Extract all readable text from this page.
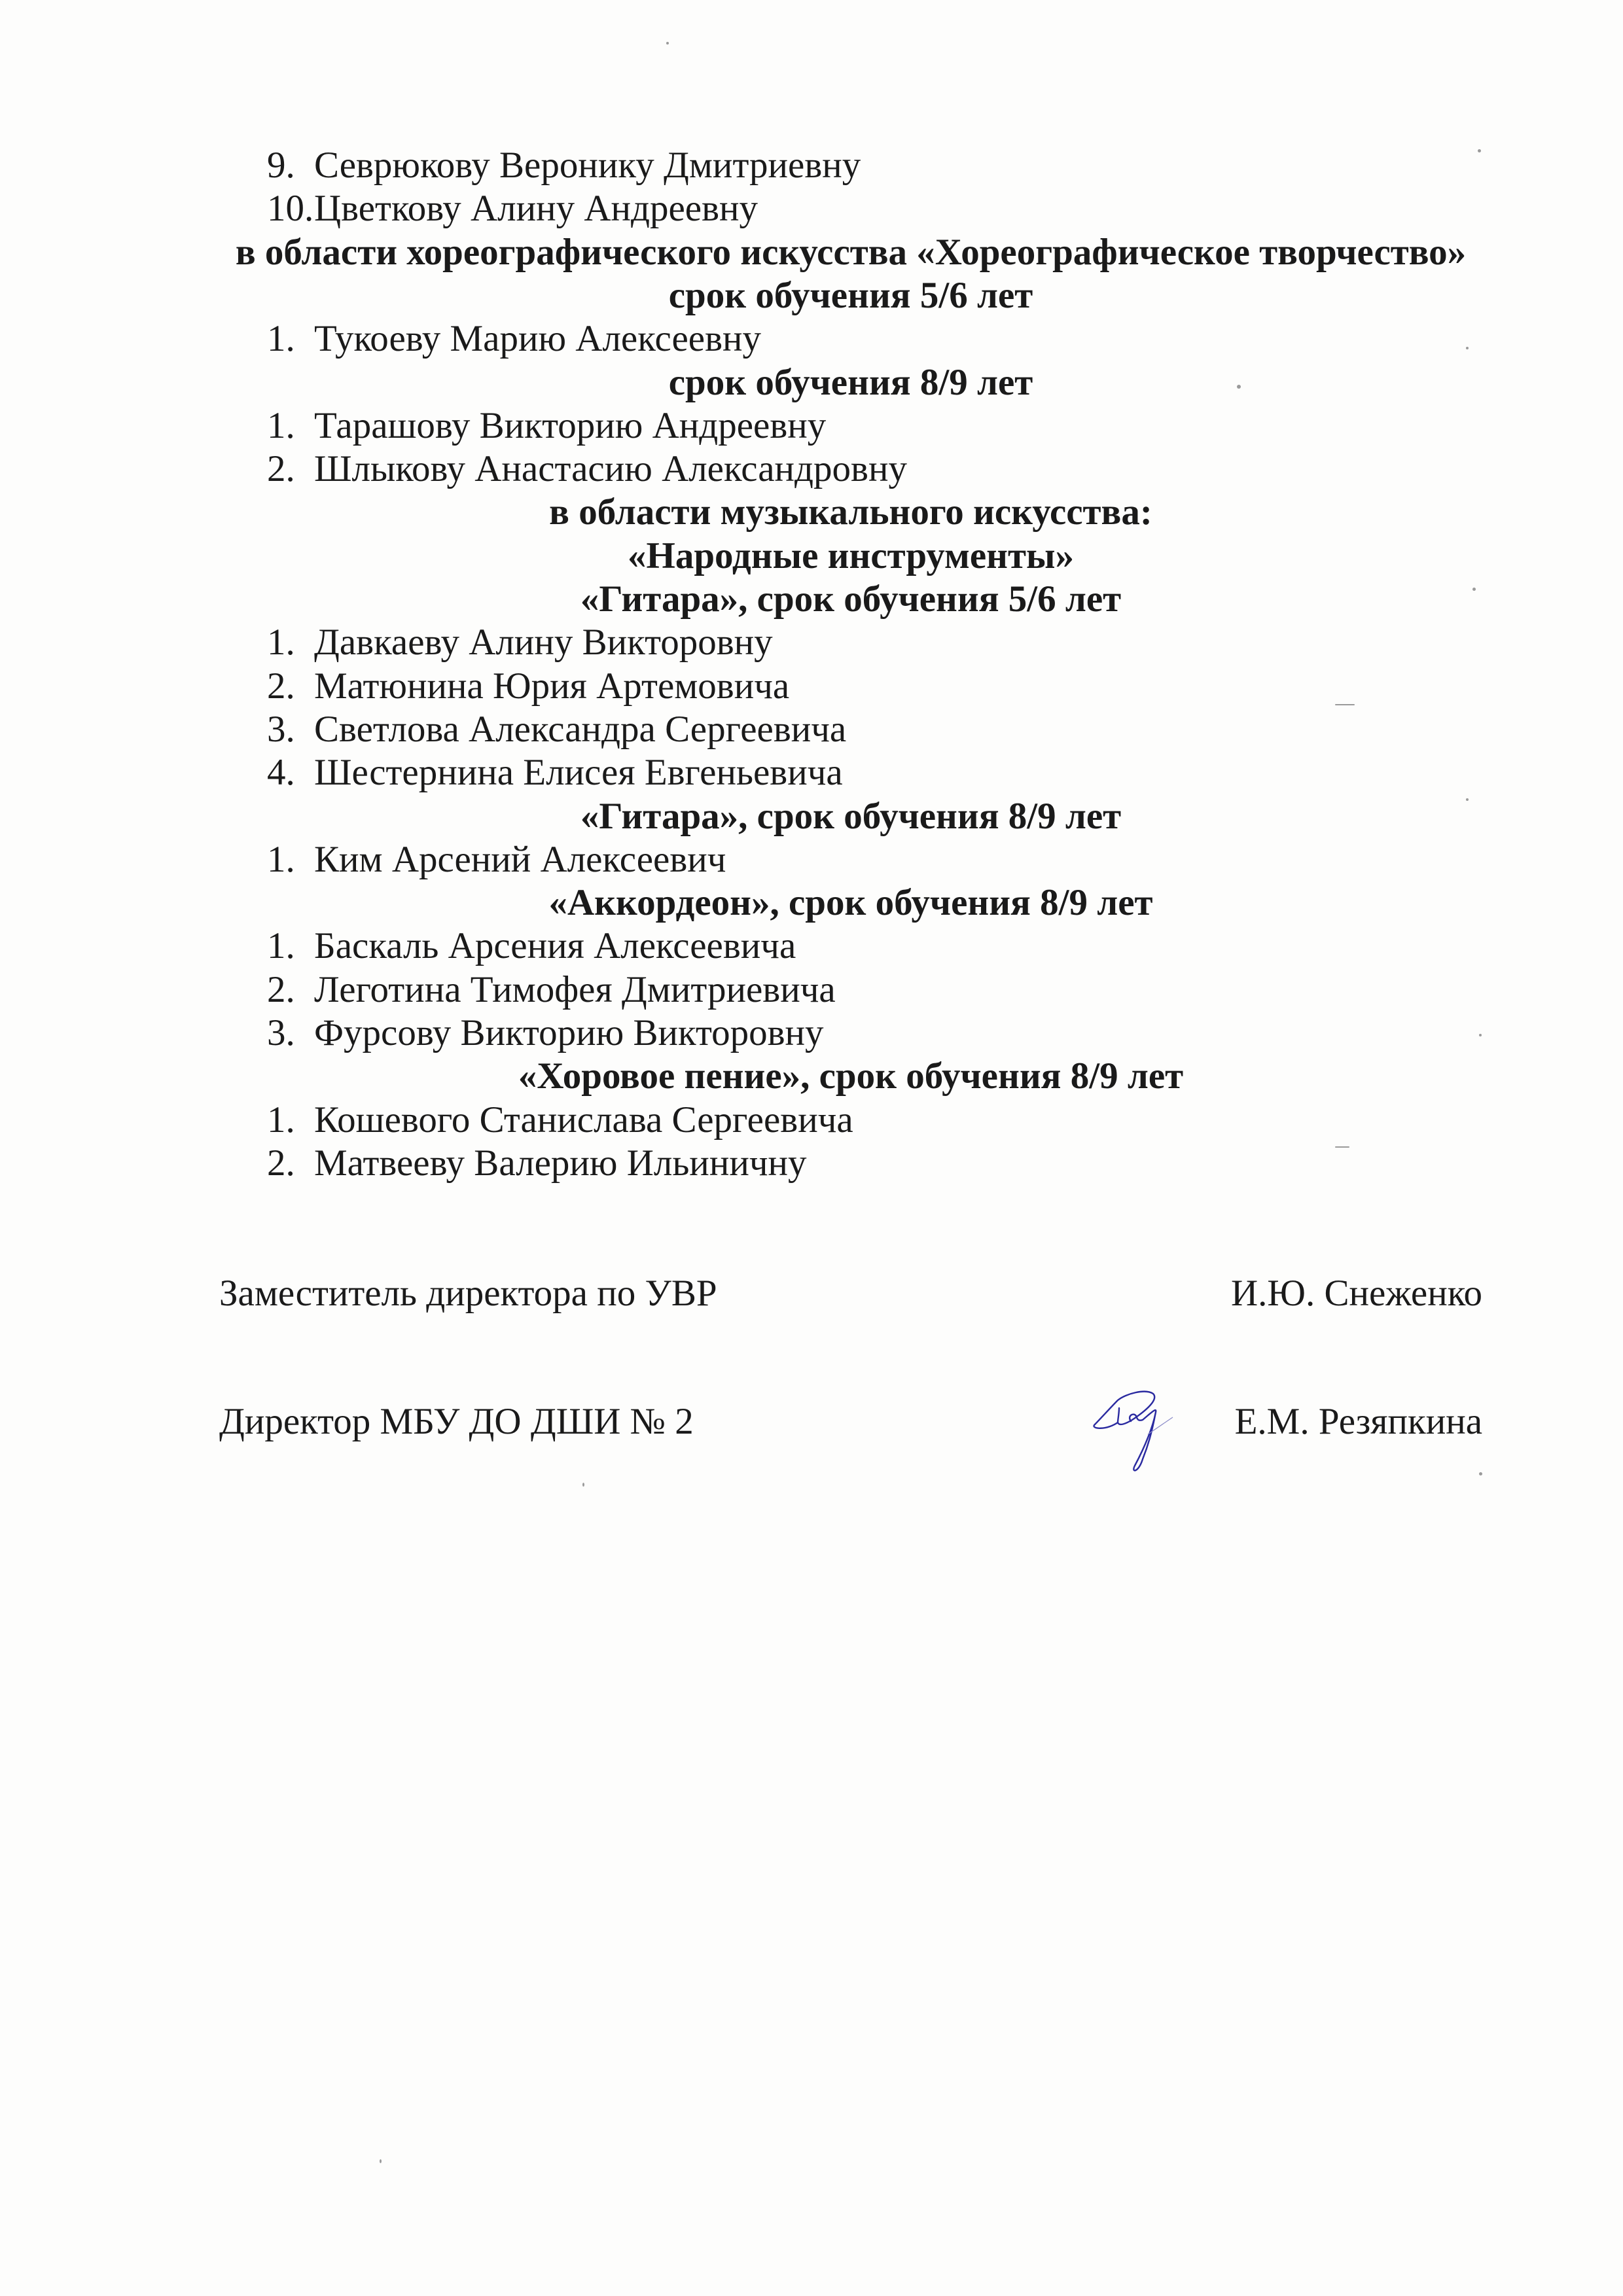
9. Севрюкову Веронику Дмитриевну
10.Цветкову Алину Андреевну
в области хореографического искусства «Хореографическое творчество»
срок обучения 5/6 лет
1. Тукоеву Марию Алексеевну
срок обучения 8/9 лет
1. Тарашову Викторию Андреевну
2. Шлыкову Анастасию Александровну
в области музыкального искусства:
«Народные инструменты»
«Гитара», срок обучения 5/6 лет
1. Давкаеву Алину Викторовну
2. Матюнина Юрия Артемовича
3. Светлова Александра Сергеевича
4. Шестернина Елисея Евгеньевича
«Гитара», срок обучения 8/9 лет
1. Ким Арсений Алексеевич
«Аккордеон», срок обучения 8/9 лет
1. Баскаль Арсения Алексеевича
2. Леготина Тимофея Дмитриевича
3. Фурсову Викторию Викторовну
«Хоровое пение», срок обучения 8/9 лет
1. Кошевого Станислава Сергеевича
2. Матвееву Валерию Ильиничну
Заместитель директора по УВР	И.Ю. Снеженко
Директор МБУ ДО ДШИ № 2	Е.М. Резяпкина
